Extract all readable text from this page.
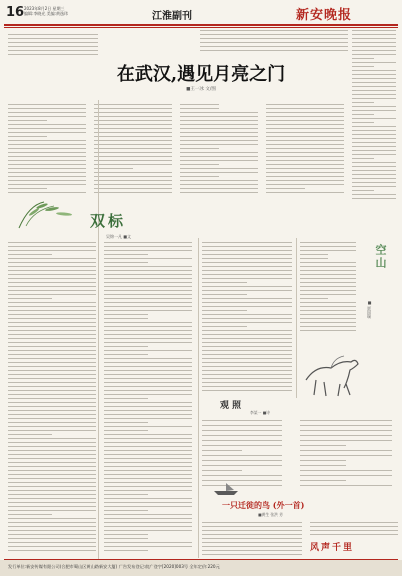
16 2023年8月2日 星期三
编辑:李晓光 美编:黄逸玮	江淮副刊	新安晚报
在武汉,遇见月亮之门
■王一冰 文/图
双标
吴锦一凡 ■文
空山
■ 贾国瑞
观照
李某一 ■诗
一只迁徙的鸟 (外一首)
■黄生 张洪 芳
风声千里
发行单位:新安传媒有限公司(合肥市蜀山区黄山路新安大厦) 广告发布登记:皖广登字[2020]003号 全年定价:220元
